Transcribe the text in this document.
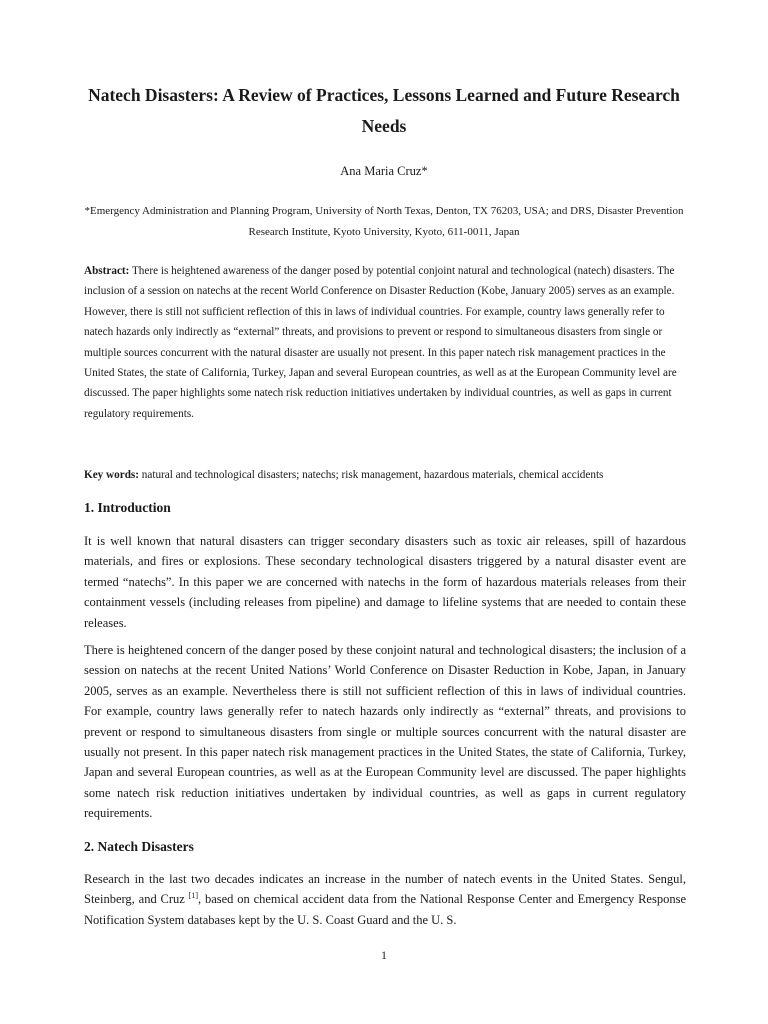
Natech Disasters: A Review of Practices, Lessons Learned and Future Research Needs

Ana Maria Cruz*

*Emergency Administration and Planning Program, University of North Texas, Denton, TX 76203, USA; and DRS, Disaster Prevention Research Institute, Kyoto University, Kyoto, 611-0011, Japan

Abstract: There is heightened awareness of the danger posed by potential conjoint natural and technological (natech) disasters. The inclusion of a session on natechs at the recent World Conference on Disaster Reduction (Kobe, January 2005) serves as an example. However, there is still not sufficient reflection of this in laws of individual countries. For example, country laws generally refer to natech hazards only indirectly as “external” threats, and provisions to prevent or respond to simultaneous disasters from single or multiple sources concurrent with the natural disaster are usually not present. In this paper natech risk management practices in the United States, the state of California, Turkey, Japan and several European countries, as well as at the European Community level are discussed. The paper highlights some natech risk reduction initiatives undertaken by individual countries, as well as gaps in current regulatory requirements.

Key words: natural and technological disasters; natechs; risk management, hazardous materials, chemical accidents

1. Introduction

It is well known that natural disasters can trigger secondary disasters such as toxic air releases, spill of hazardous materials, and fires or explosions. These secondary technological disasters triggered by a natural disaster event are termed “natechs”. In this paper we are concerned with natechs in the form of hazardous materials releases from their containment vessels (including releases from pipeline) and damage to lifeline systems that are needed to contain these releases.

There is heightened concern of the danger posed by these conjoint natural and technological disasters; the inclusion of a session on natechs at the recent United Nations’ World Conference on Disaster Reduction in Kobe, Japan, in January 2005, serves as an example. Nevertheless there is still not sufficient reflection of this in laws of individual countries. For example, country laws generally refer to natech hazards only indirectly as “external” threats, and provisions to prevent or respond to simultaneous disasters from single or multiple sources concurrent with the natural disaster are usually not present. In this paper natech risk management practices in the United States, the state of California, Turkey, Japan and several European countries, as well as at the European Community level are discussed. The paper highlights some natech risk reduction initiatives undertaken by individual countries, as well as gaps in current regulatory requirements.

2. Natech Disasters

Research in the last two decades indicates an increase in the number of natech events in the United States. Sengul, Steinberg, and Cruz [1], based on chemical accident data from the National Response Center and Emergency Response Notification System databases kept by the U. S. Coast Guard and the U. S.

1
